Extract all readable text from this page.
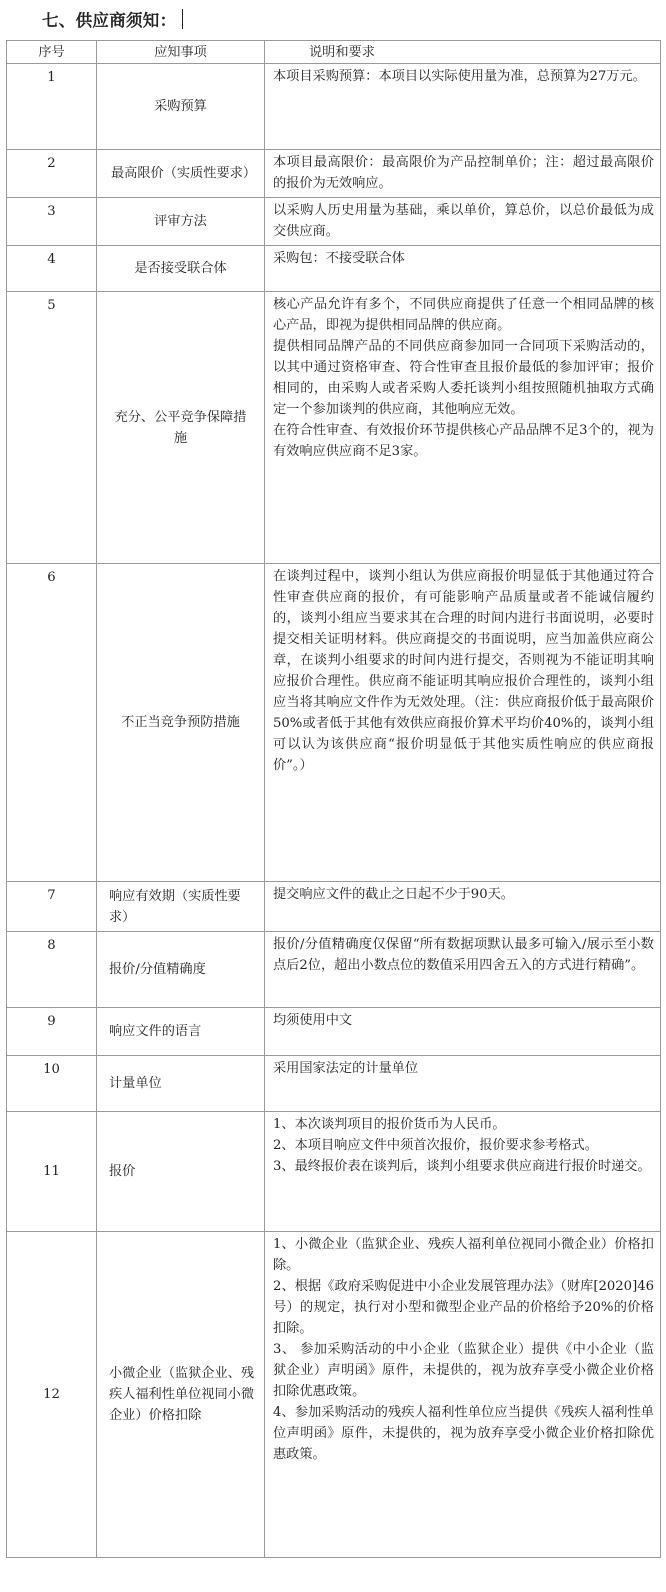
七、供应商须知：
序号	应知事项	说明和要求
1	采购预算	本项目采购预算：本项目以实际使用量为准，总预算为27万元。

2	最高限价（实质性要求）	本项目最高限价：最高限价为产品控制单价；注：超过最高限价的报价为无效响应。

3	评审方法	以采购人历史用量为基础，乘以单价，算总价，以总价最低为成交供应商。

4	是否接受联合体	采购包：不接受联合体

5	充分、公平竞争保障措施	核心产品允许有多个，不同供应商提供了任意一个相同品牌的核心产品，即视为提供相同品牌的供应商。

提供相同品牌产品的不同供应商参加同一合同项下采购活动的，以其中通过资格审查、符合性审查且报价最低的参加评审；报价相同的，由采购人或者采购人委托谈判小组按照随机抽取方式确定一个参加谈判的供应商，其他响应无效。

在符合性审查、有效报价环节提供核心产品品牌不足3个的，视为有效响应供应商不足3家。

6	不正当竞争预防措施	在谈判过程中，谈判小组认为供应商报价明显低于其他通过符合性审查供应商的报价，有可能影响产品质量或者不能诚信履约的，谈判小组应当要求其在合理的时间内进行书面说明，必要时提交相关证明材料。供应商提交的书面说明，应当加盖供应商公章，在谈判小组要求的时间内进行提交，否则视为不能证明其响应报价合理性。供应商不能证明其响应报价合理性的，谈判小组应当将其响应文件作为无效处理。（注：供应商报价低于最高限价50%或者低于其他有效供应商报价算术平均价40%的，谈判小组可以认为该供应商“报价明显低于其他实质性响应的供应商报价”。）

7	响应有效期（实质性要求）	提交响应文件的截止之日起不少于90天。

8	报价/分值精确度	报价/分值精确度仅保留“所有数据项默认最多可输入/展示至小数点后2位，超出小数点位的数值采用四舍五入的方式进行精确”。

9	响应文件的语言	均须使用中文

10	计量单位	采用国家法定的计量单位

11	报价	1、本次谈判项目的报价货币为人民币。

2、本项目响应文件中须首次报价，报价要求参考格式。

3、最终报价表在谈判后，谈判小组要求供应商进行报价时递交。

12	小微企业（监狱企业、残疾人福利性单位视同小微企业）价格扣除	1、小微企业（监狱企业、残疾人福利单位视同小微企业）价格扣除。

2、根据《政府采购促进中小企业发展管理办法》（财库[2020]46号）的规定，执行对小型和微型企业产品的价格给予20%的价格扣除。

3、 参加采购活动的中小企业（监狱企业）提供《中小企业（监狱企业）声明函》原件，未提供的，视为放弃享受小微企业价格扣除优惠政策。

4、参加采购活动的残疾人福利性单位应当提供《残疾人福利性单位声明函》原件，未提供的，视为放弃享受小微企业价格扣除优惠政策。
